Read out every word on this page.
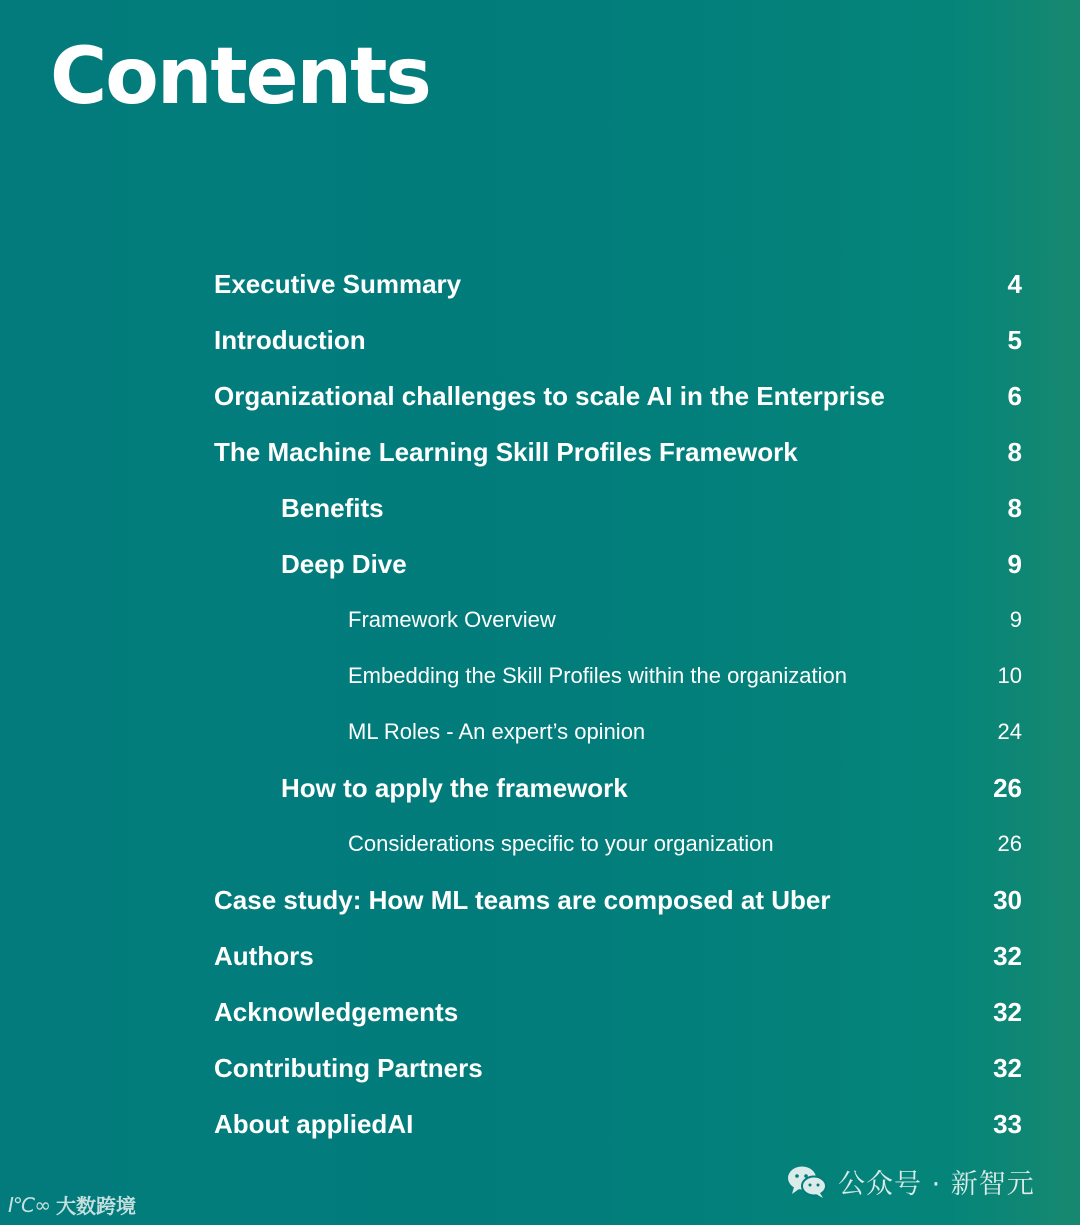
Contents
Executive Summary	4
Introduction	5
Organizational challenges to scale AI in the Enterprise	6
The Machine Learning Skill Profiles Framework	8
Benefits	8
Deep Dive	9
Framework Overview	9
Embedding the Skill Profiles within the organization	10
ML Roles - An expert’s opinion	24
How to apply the framework	26
Considerations specific to your organization	26
Case study: How ML teams are composed at Uber	30
Authors	32
Acknowledgements	32
Contributing Partners	32
About appliedAI	33
Ⅰ℃∞ 大数跨境
公众号 · 新智元
